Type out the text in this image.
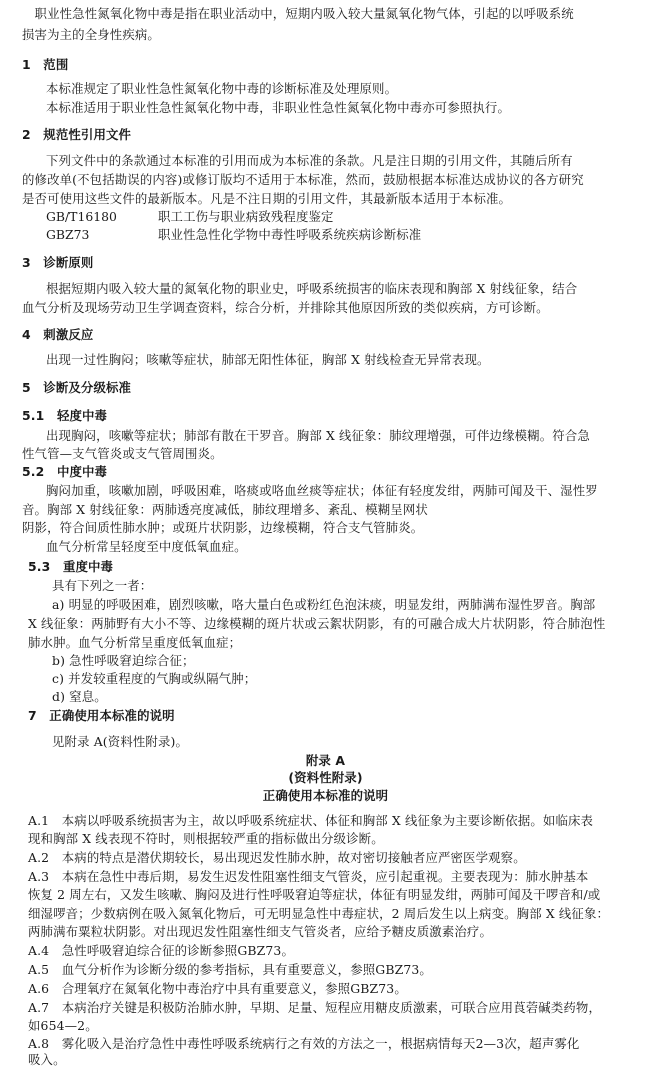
　职业性急性氮氧化物中毒是指在职业活动中，短期内吸入较大量氮氧化物气体，引起的以呼吸系统
损害为主的全身性疾病。
1　范围
本标准规定了职业性急性氮氧化物中毒的诊断标准及处理原则。
本标准适用于职业性急性氮氧化物中毒，非职业性急性氮氧化物中毒亦可参照执行。
2　规范性引用文件
下列文件中的条款通过本标准的引用而成为本标准的条款。凡是注日期的引用文件，其随后所有
的修改单(不包括勘误的内容)或修订版均不适用于本标准，然而，鼓励根据本标准达成协议的各方研究
是否可使用这些文件的最新版本。凡是不注日期的引用文件，其最新版本适用于本标准。
GB/T16180	职工工伤与职业病致残程度鉴定
GBZ73	职业性急性化学物中毒性呼吸系统疾病诊断标准
3　诊断原则
根据短期内吸入较大量的氮氧化物的职业史，呼吸系统损害的临床表现和胸部 X 射线征象，结合
血气分析及现场劳动卫生学调查资料，综合分析，并排除其他原因所致的类似疾病，方可诊断。
4　刺激反应
出现一过性胸闷；咳嗽等症状，肺部无阳性体征，胸部 X 射线检查无异常表现。
5　诊断及分级标准
5.1　轻度中毒
出现胸闷，咳嗽等症状；肺部有散在干罗音。胸部 X 线征象：肺纹理增强，可伴边缘模糊。符合急
性气管—支气管炎或支气管周围炎。
5.2　中度中毒
胸闷加重，咳嗽加剧，呼吸困难，咯痰或咯血丝痰等症状；体征有轻度发绀，两肺可闻及干、湿性罗
音。胸部 X 射线征象：两肺透亮度减低，肺纹理增多、紊乱、模糊呈网状
阴影，符合间质性肺水肿；或斑片状阴影，边缘模糊，符合支气管肺炎。
血气分析常呈轻度至中度低氧血症。
5.3　重度中毒
具有下列之一者：
a) 明显的呼吸困难，剧烈咳嗽，咯大量白色或粉红色泡沫痰，明显发绀，两肺满布湿性罗音。胸部
X 线征象：两肺野有大小不等、边缘模糊的斑片状或云絮状阴影，有的可融合成大片状阴影，符合肺泡性
肺水肿。血气分析常呈重度低氧血症；
b) 急性呼吸窘迫综合征；
c) 并发较重程度的气胸或纵隔气肿；
d) 窒息。
7　正确使用本标准的说明
见附录 A(资料性附录)。
附录 A
(资料性附录)
正确使用本标准的说明
A.1　本病以呼吸系统损害为主，故以呼吸系统症状、体征和胸部 X 线征象为主要诊断依据。如临床表
现和胸部 X 线表现不符时，则根据较严重的指标做出分级诊断。
A.2　本病的特点是潜伏期较长，易出现迟发性肺水肿，故对密切接触者应严密医学观察。
A.3　本病在急性中毒后期，易发生迟发性阻塞性细支气管炎，应引起重视。主要表现为：肺水肿基本
恢复 2 周左右，又发生咳嗽、胸闷及进行性呼吸窘迫等症状，体征有明显发绀，两肺可闻及干啰音和/或
细湿啰音；少数病例在吸入氮氧化物后，可无明显急性中毒症状，2 周后发生以上病变。胸部 X 线征象：
两肺满布粟粒状阴影。对出现迟发性阻塞性细支气管炎者，应给予糖皮质激素治疗。
A.4　急性呼吸窘迫综合征的诊断参照GBZ73。
A.5　血气分析作为诊断分级的参考指标，具有重要意义，参照GBZ73。
A.6　合理氧疗在氮氧化物中毒治疗中具有重要意义，参照GBZ73。
A.7　本病治疗关键是积极防治肺水肿，早期、足量、短程应用糖皮质激素，可联合应用莨菪碱类药物，
如654—2。
A.8　雾化吸入是治疗急性中毒性呼吸系统病行之有效的方法之一，根据病情每天2—3次，超声雾化
吸入。
